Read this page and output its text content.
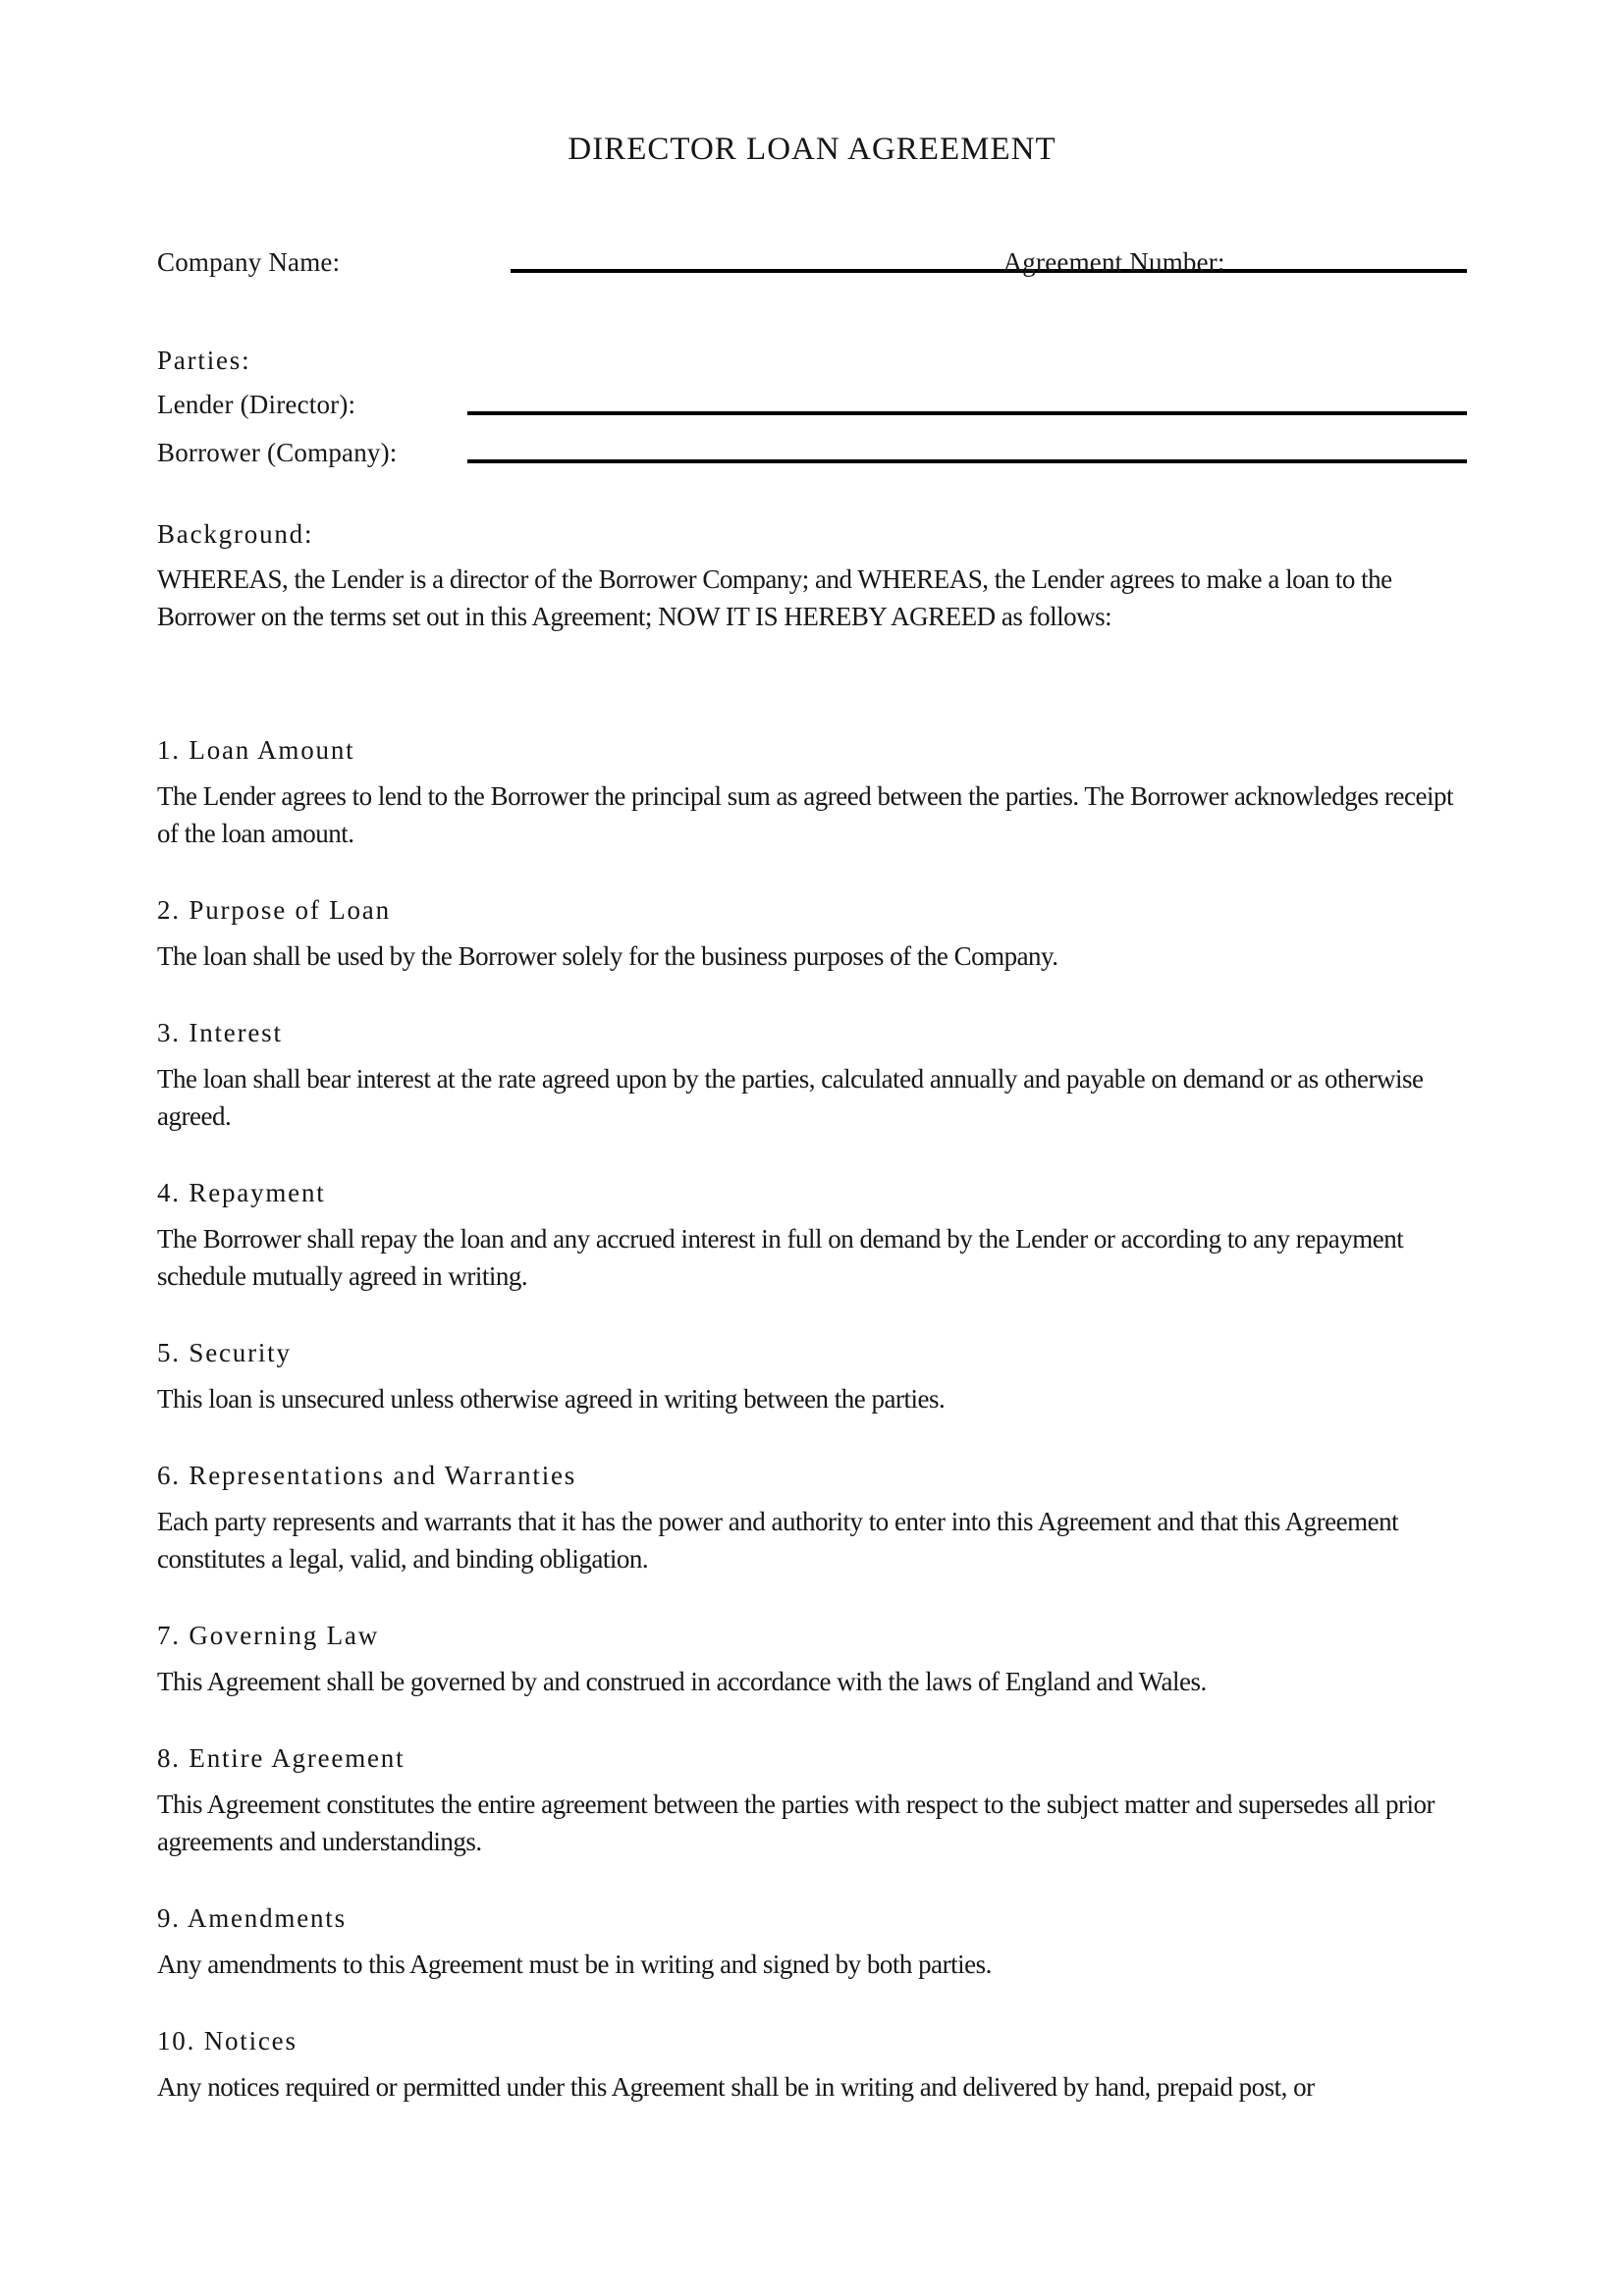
DIRECTOR LOAN AGREEMENT
Company Name:	Agreement Number:
Parties:
Lender (Director):
Borrower (Company):
Background:

WHEREAS, the Lender is a director of the Borrower Company; and WHEREAS, the Lender agrees to make a loan to the Borrower on the terms set out in this Agreement; NOW IT IS HEREBY AGREED as follows:

1. Loan Amount

The Lender agrees to lend to the Borrower the principal sum as agreed between the parties. The Borrower acknowledges receipt of the loan amount.

2. Purpose of Loan

The loan shall be used by the Borrower solely for the business purposes of the Company.

3. Interest

The loan shall bear interest at the rate agreed upon by the parties, calculated annually and payable on demand or as otherwise agreed.

4. Repayment

The Borrower shall repay the loan and any accrued interest in full on demand by the Lender or according to any repayment schedule mutually agreed in writing.

5. Security

This loan is unsecured unless otherwise agreed in writing between the parties.

6. Representations and Warranties

Each party represents and warrants that it has the power and authority to enter into this Agreement and that this Agreement constitutes a legal, valid, and binding obligation.

7. Governing Law

This Agreement shall be governed by and construed in accordance with the laws of England and Wales.

8. Entire Agreement

This Agreement constitutes the entire agreement between the parties with respect to the subject matter and supersedes all prior agreements and understandings.

9. Amendments

Any amendments to this Agreement must be in writing and signed by both parties.

10. Notices

Any notices required or permitted under this Agreement shall be in writing and delivered by hand, prepaid post, or
